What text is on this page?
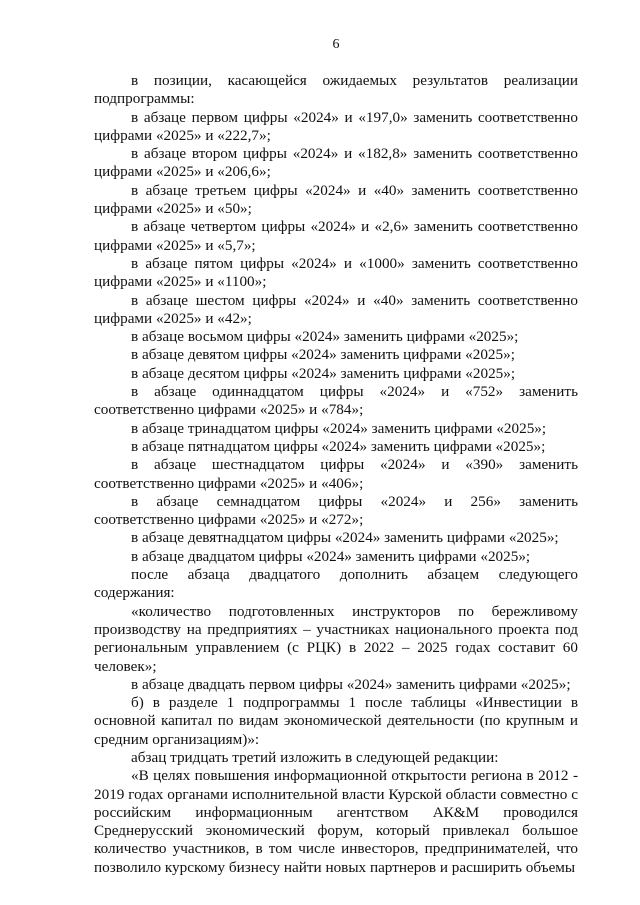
6

в позиции, касающейся ожидаемых результатов реализации подпрограммы:

в абзаце первом цифры «2024» и «197,0» заменить соответственно цифрами «2025» и «222,7»;

в абзаце втором цифры «2024» и «182,8» заменить соответственно цифрами «2025» и «206,6»;

в абзаце третьем цифры «2024» и «40» заменить соответственно цифрами «2025» и «50»;

в абзаце четвертом цифры «2024» и «2,6» заменить соответственно цифрами «2025» и «5,7»;

в абзаце пятом цифры «2024» и «1000» заменить соответственно цифрами «2025» и «1100»;

в абзаце шестом цифры «2024» и «40» заменить соответственно цифрами «2025» и «42»;

в абзаце восьмом цифры «2024» заменить цифрами «2025»;

в абзаце девятом цифры «2024» заменить цифрами «2025»;

в абзаце десятом цифры «2024» заменить цифрами «2025»;

в абзаце одиннадцатом цифры «2024» и «752» заменить соответственно цифрами «2025» и «784»;

в абзаце тринадцатом цифры «2024» заменить цифрами «2025»;

в абзаце пятнадцатом цифры «2024» заменить цифрами «2025»;

в абзаце шестнадцатом цифры «2024» и «390» заменить соответственно цифрами «2025» и «406»;

в абзаце семнадцатом цифры «2024» и 256» заменить соответственно цифрами «2025» и «272»;

в абзаце девятнадцатом цифры «2024» заменить цифрами «2025»;

в абзаце двадцатом цифры «2024» заменить цифрами «2025»;

после абзаца двадцатого дополнить абзацем следующего содержания:

«количество подготовленных инструкторов по бережливому производству на предприятиях – участниках национального проекта под региональным управлением (с РЦК) в 2022 – 2025 годах составит 60 человек»;

в абзаце двадцать первом цифры «2024» заменить цифрами «2025»;

б) в разделе 1 подпрограммы 1 после таблицы «Инвестиции в основной капитал по видам экономической деятельности (по крупным и средним организациям)»:

абзац тридцать третий изложить в следующей редакции:

«В целях повышения информационной открытости региона в 2012 - 2019 годах органами исполнительной власти Курской области совместно с российским информационным агентством АК&М проводился Среднерусский экономический форум, который привлекал большое количество участников, в том числе инвесторов, предпринимателей, что позволило курскому бизнесу найти новых партнеров и расширить объемы
